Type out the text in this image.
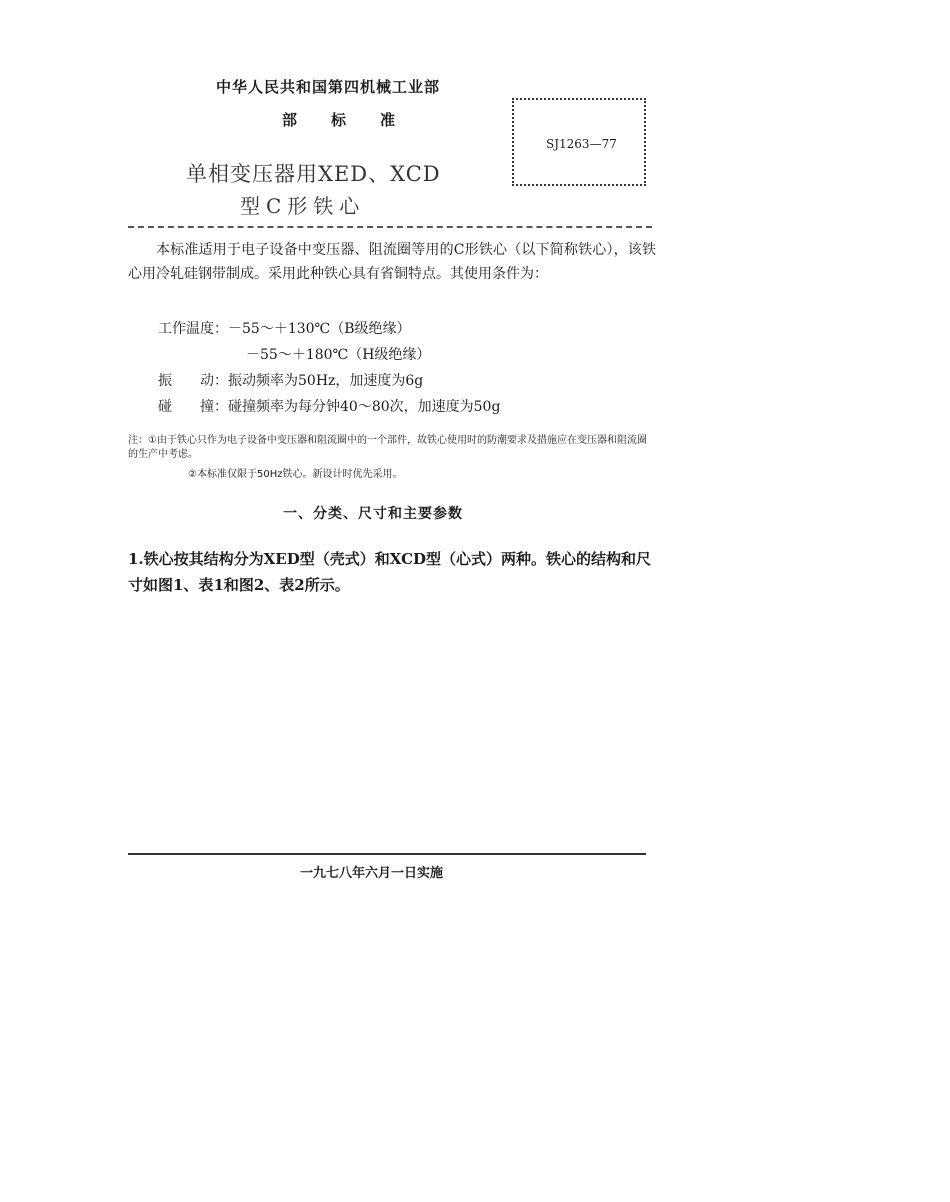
中华人民共和国第四机械工业部
部 标 准
单相变压器用XED、XCD
型C形铁心
SJ1263—77
本标准适用于电子设备中变压器、阻流圈等用的C形铁心（以下简称铁心），该铁心用冷轧硅钢带制成。采用此种铁心具有省铜特点。其使用条件为：
工作温度：－55～＋130℃（B级绝缘）
－55～＋180℃（H级绝缘）
振　　动：振动频率为50Hz，加速度为6g
碰　　撞：碰撞频率为每分钟40～80次，加速度为50g
注：①由于铁心只作为电子设备中变压器和阻流圈中的一个部件，故铁心使用时的防潮要求及措施应在变压器和阻流圈的生产中考虑。
②本标准仅限于50Hz铁心。新设计时优先采用。
一、分类、尺寸和主要参数
1.铁心按其结构分为XED型（壳式）和XCD型（心式）两种。铁心的结构和尺寸如图1、表1和图2、表2所示。
一九七八年六月一日实施
